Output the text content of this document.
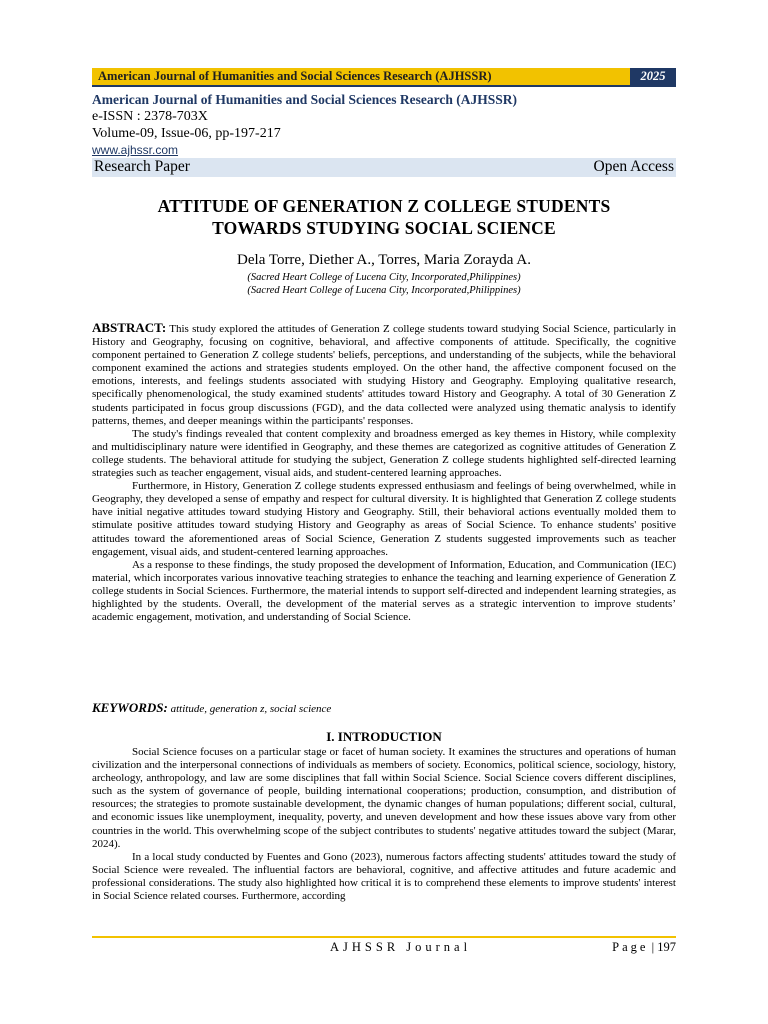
American Journal of Humanities and Social Sciences Research (AJHSSR)	2025
American Journal of Humanities and Social Sciences Research (AJHSSR)
e-ISSN : 2378-703X
Volume-09, Issue-06, pp-197-217
www.ajhssr.com
Research Paper	Open Access
ATTITUDE OF GENERATION Z COLLEGE STUDENTS
TOWARDS STUDYING SOCIAL SCIENCE
Dela Torre, Diether A., Torres, Maria Zorayda A.
(Sacred Heart College of Lucena City, Incorporated,Philippines)
(Sacred Heart College of Lucena City, Incorporated,Philippines)

ABSTRACT: This study explored the attitudes of Generation Z college students toward studying Social Science, particularly in History and Geography, focusing on cognitive, behavioral, and affective components of attitude. Specifically, the cognitive component pertained to Generation Z college students' beliefs, perceptions, and understanding of the subjects, while the behavioral component examined the actions and strategies students employed. On the other hand, the affective component focused on the emotions, interests, and feelings students associated with studying History and Geography. Employing qualitative research, specifically phenomenological, the study examined students' attitudes toward History and Geography. A total of 30 Generation Z students participated in focus group discussions (FGD), and the data collected were analyzed using thematic analysis to identify patterns, themes, and deeper meanings within the participants' responses.

The study's findings revealed that content complexity and broadness emerged as key themes in History, while complexity and multidisciplinary nature were identified in Geography, and these themes are categorized as cognitive attitudes of Generation Z college students. The behavioral attitude for studying the subject, Generation Z college students highlighted self-directed learning strategies such as teacher engagement, visual aids, and student-centered learning approaches.

Furthermore, in History, Generation Z college students expressed enthusiasm and feelings of being overwhelmed, while in Geography, they developed a sense of empathy and respect for cultural diversity. It is highlighted that Generation Z college students have initial negative attitudes toward studying History and Geography. Still, their behavioral actions eventually molded them to stimulate positive attitudes toward studying History and Geography as areas of Social Science. To enhance students' positive attitudes toward the aforementioned areas of Social Science, Generation Z students suggested improvements such as teacher engagement, visual aids, and student-centered learning approaches.

As a response to these findings, the study proposed the development of Information, Education, and Communication (IEC) material, which incorporates various innovative teaching strategies to enhance the teaching and learning experience of Generation Z college students in Social Sciences. Furthermore, the material intends to support self-directed and independent learning strategies, as highlighted by the students. Overall, the development of the material serves as a strategic intervention to improve students’ academic engagement, motivation, and understanding of Social Science.

KEYWORDS: attitude, generation z, social science
I. INTRODUCTION

Social Science focuses on a particular stage or facet of human society. It examines the structures and operations of human civilization and the interpersonal connections of individuals as members of society. Economics, political science, sociology, history, archeology, anthropology, and law are some disciplines that fall within Social Science. Social Science covers different disciplines, such as the system of governance of people, building international cooperations; production, consumption, and distribution of resources; the strategies to promote sustainable development, the dynamic changes of human populations; different social, cultural, and economic issues like unemployment, inequality, poverty, and uneven development and how these issues above vary from other countries in the world. This overwhelming scope of the subject contributes to students' negative attitudes toward the subject (Marar, 2024).

In a local study conducted by Fuentes and Gono (2023), numerous factors affecting students' attitudes toward the study of Social Science were revealed. The influential factors are behavioral, cognitive, and affective attitudes and future academic and professional considerations. The study also highlighted how critical it is to comprehend these elements to improve students' interest in Social Science related courses. Furthermore, according

AJHSSR Journal	Page | 197
